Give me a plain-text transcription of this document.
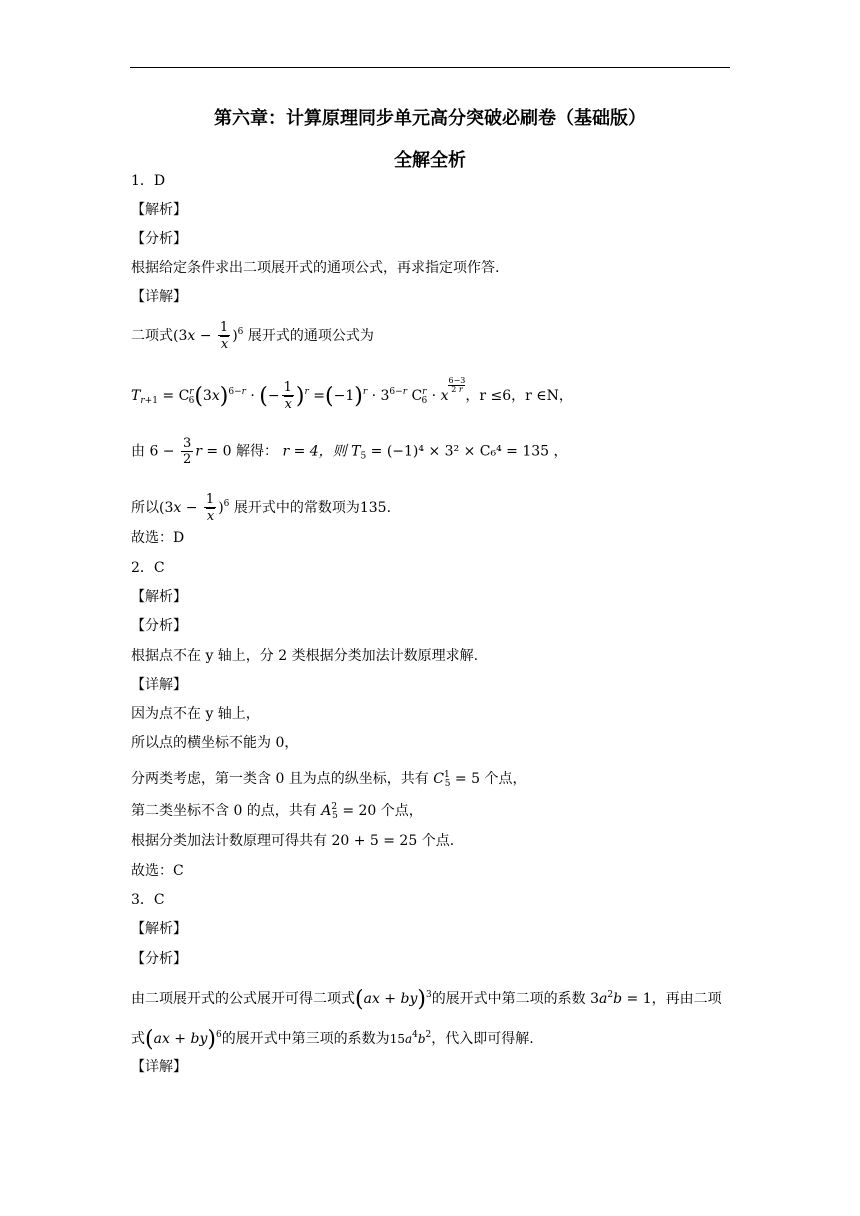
第六章：计算原理同步单元高分突破必刷卷（基础版）
全解全析
1．D
【解析】
【分析】
根据给定条件求出二项展开式的通项公式，再求指定项作答.
【详解】
二项式$(3x - \frac{1}{x} )^6$ 展开式的通项公式为
$T_{r+1} = C^r_6(3x)^{6-r}$ · (− $\frac{1}{x} )^r =(-1)^r \cdot 3^{6-r}$ $C^r_6 \cdot x$
$\frac{6-3}{2 r}$
，r ≤6，r ∈N，
由 $6 - \frac{3}{2}$ r = 0 解得： r = 4，则 $T_5 = (-1)^4 \times 3^2 \times C_6^4 = 135$ ，
所以$(3x - \frac{1}{x} )^6$ 展开式中的常数项为135.
故选：D
2．C
【解析】
【分析】
根据点不在 y 轴上，分 2 类根据分类加法计数原理求解.
【详解】
因为点不在 y 轴上，
所以点的横坐标不能为 0，
分两类考虑，第一类含 0 且为点的纵坐标，共有 $C^1_5 = 5$ 个点，
第二类坐标不含 0 的点，共有 $A^2_5 = 20$ 个点，
根据分类加法计数原理可得共有 20 + 5 = 25 个点.
故选：C
3．C
【解析】
【分析】
由二项展开式的公式展开可得二项式(ax + by)$^3$的展开式中第二项的系数 $3a^2b = 1$，再由二项
式(ax + by)$^6$的展开式中第三项的系数为$15a^4b^2$，代入即可得解.
【详解】
